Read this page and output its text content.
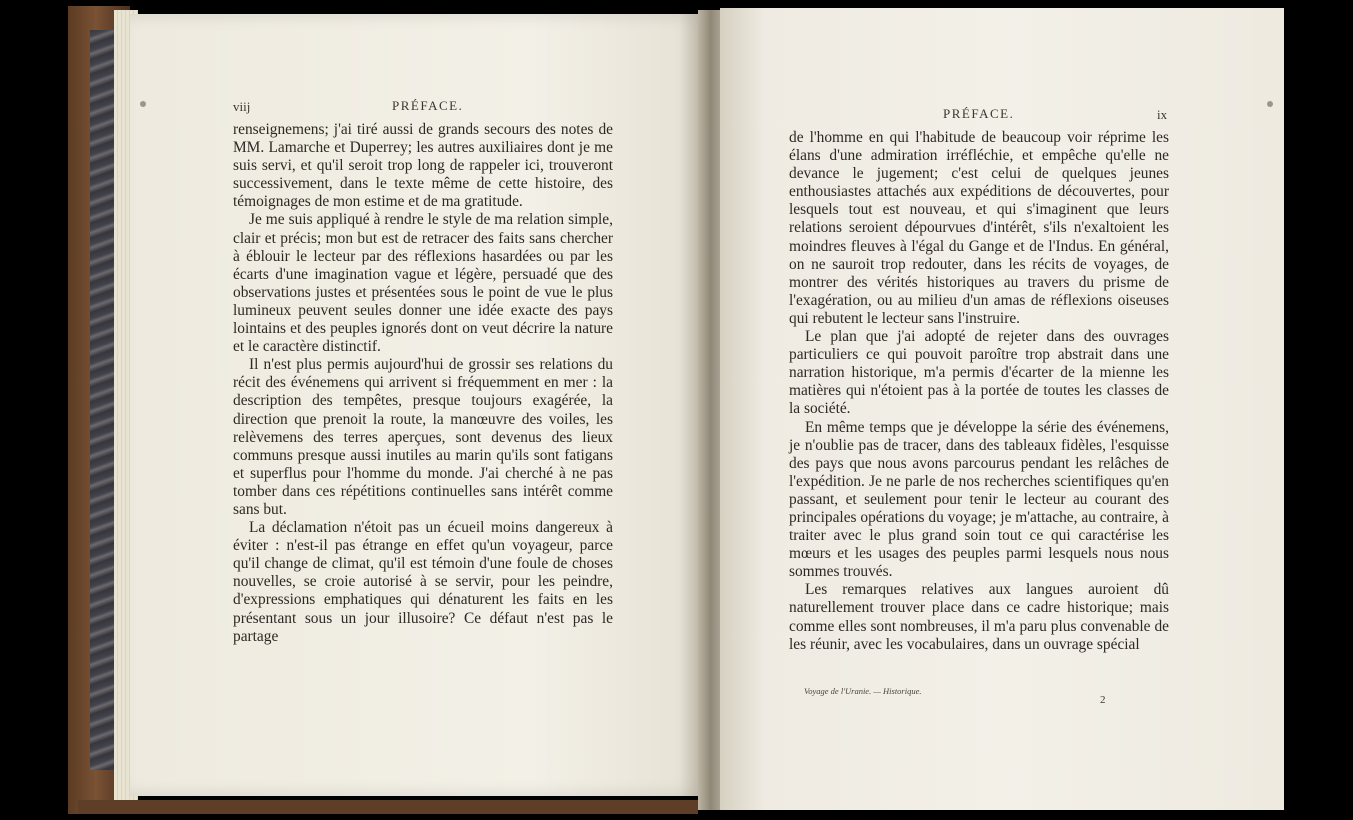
viij	PRÉFACE.

renseignemens; j'ai tiré aussi de grands secours des notes de MM. Lamarche et Duperrey; les autres auxiliaires dont je me suis servi, et qu'il seroit trop long de rappeler ici, trouveront successivement, dans le texte même de cette histoire, des témoignages de mon estime et de ma gratitude.

Je me suis appliqué à rendre le style de ma relation simple, clair et précis; mon but est de retracer des faits sans chercher à éblouir le lecteur par des réflexions hasardées ou par les écarts d'une imagination vague et légère, persuadé que des observations justes et présentées sous le point de vue le plus lumineux peuvent seules donner une idée exacte des pays lointains et des peuples ignorés dont on veut décrire la nature et le caractère distinctif.

Il n'est plus permis aujourd'hui de grossir ses relations du récit des événemens qui arrivent si fréquemment en mer : la description des tempêtes, presque toujours exagérée, la direction que prenoit la route, la manœuvre des voiles, les relèvemens des terres aperçues, sont devenus des lieux communs presque aussi inutiles au marin qu'ils sont fatigans et superflus pour l'homme du monde. J'ai cherché à ne pas tomber dans ces répétitions continuelles sans intérêt comme sans but.

La déclamation n'étoit pas un écueil moins dangereux à éviter : n'est-il pas étrange en effet qu'un voyageur, parce qu'il change de climat, qu'il est témoin d'une foule de choses nouvelles, se croie autorisé à se servir, pour les peindre, d'expressions emphatiques qui dénaturent les faits en les présentant sous un jour illusoire? Ce défaut n'est pas le partage

PRÉFACE.	ix

de l'homme en qui l'habitude de beaucoup voir réprime les élans d'une admiration irréfléchie, et empêche qu'elle ne devance le jugement; c'est celui de quelques jeunes enthousiastes attachés aux expéditions de découvertes, pour lesquels tout est nouveau, et qui s'imaginent que leurs relations seroient dépourvues d'intérêt, s'ils n'exaltoient les moindres fleuves à l'égal du Gange et de l'Indus. En général, on ne sauroit trop redouter, dans les récits de voyages, de montrer des vérités historiques au travers du prisme de l'exagération, ou au milieu d'un amas de réflexions oiseuses qui rebutent le lecteur sans l'instruire.

Le plan que j'ai adopté de rejeter dans des ouvrages particuliers ce qui pouvoit paroître trop abstrait dans une narration historique, m'a permis d'écarter de la mienne les matières qui n'étoient pas à la portée de toutes les classes de la société.

En même temps que je développe la série des événemens, je n'oublie pas de tracer, dans des tableaux fidèles, l'esquisse des pays que nous avons parcourus pendant les relâches de l'expédition. Je ne parle de nos recherches scientifiques qu'en passant, et seulement pour tenir le lecteur au courant des principales opérations du voyage; je m'attache, au contraire, à traiter avec le plus grand soin tout ce qui caractérise les mœurs et les usages des peuples parmi lesquels nous nous sommes trouvés.

Les remarques relatives aux langues auroient dû naturellement trouver place dans ce cadre historique; mais comme elles sont nombreuses, il m'a paru plus convenable de les réunir, avec les vocabulaires, dans un ouvrage spécial

Voyage de l'Uranie. — Historique.
2
